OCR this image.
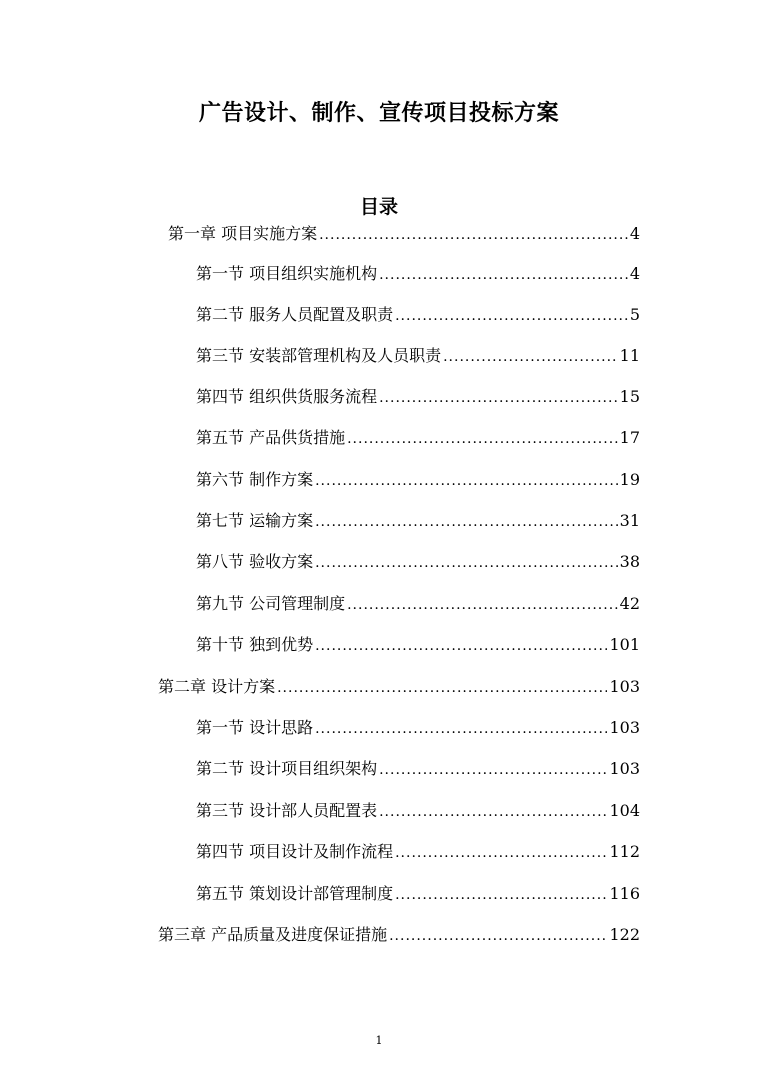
广告设计、制作、宣传项目投标方案
目录
第一章 项目实施方案 .....	4
第一节 项目组织实施机构 .....	4
第二节 服务人员配置及职责 .....	5
第三节 安装部管理机构及人员职责 .....	11
第四节 组织供货服务流程 .....	15
第五节 产品供货措施 .....	17
第六节 制作方案 .....	19
第七节 运输方案 .....	31
第八节 验收方案 .....	38
第九节 公司管理制度 .....	42
第十节 独到优势 .....	101
第二章 设计方案 .....	103
第一节 设计思路 .....	103
第二节 设计项目组织架构 .....	103
第三节 设计部人员配置表 .....	104
第四节 项目设计及制作流程 .....	112
第五节 策划设计部管理制度 .....	116
第三章 产品质量及进度保证措施 .....	122
1
